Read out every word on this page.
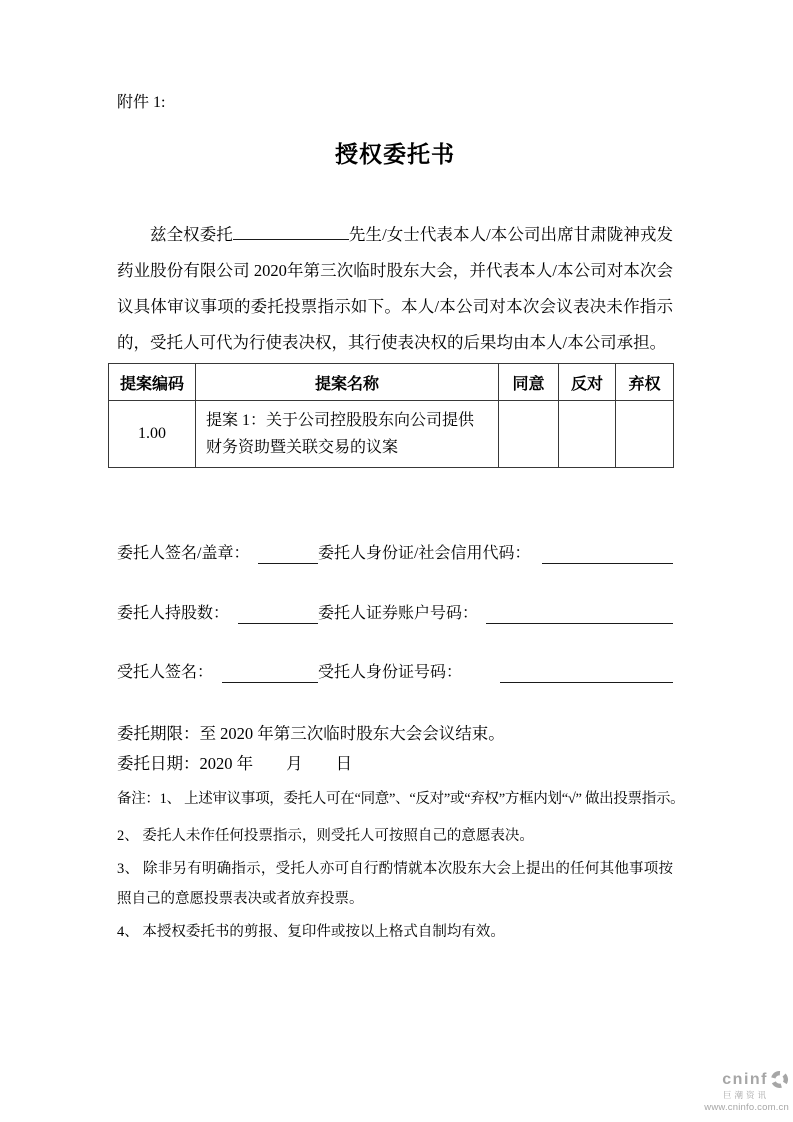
附件 1:
授权委托书

兹全权委托	先生/女士代表本人/本公司出席甘肃陇神戎发药业股份有限公司 2020年第三次临时股东大会，并代表本人/本公司对本次会议具体审议事项的委托投票指示如下。本人/本公司对本次会议表决未作指示的，受托人可代为行使表决权，其行使表决权的后果均由本人/本公司承担。

提案编码	提案名称	同意	反对	弃权
1.00	提案 1：关于公司控股股东向公司提供财务资助暨关联交易的议案			
委托人签名/盖章：	委托人身份证/社会信用代码：
委托人持股数：	委托人证券账户号码：
受托人签名：	受托人身份证号码：
委托期限：至 2020 年第三次临时股东大会会议结束。
委托日期：2020 年　　月　　日

备注：1、 上述审议事项，委托人可在“同意”、“反对”或“弃权”方框内划“√” 做出投票指示。

2、 委托人未作任何投票指示，则受托人可按照自己的意愿表决。

3、 除非另有明确指示，受托人亦可自行酌情就本次股东大会上提出的任何其他事项按照自己的意愿投票表决或者放弃投票。

4、 本授权委托书的剪报、复印件或按以上格式自制均有效。

cninf
巨潮资讯
www.cninfo.com.cn
